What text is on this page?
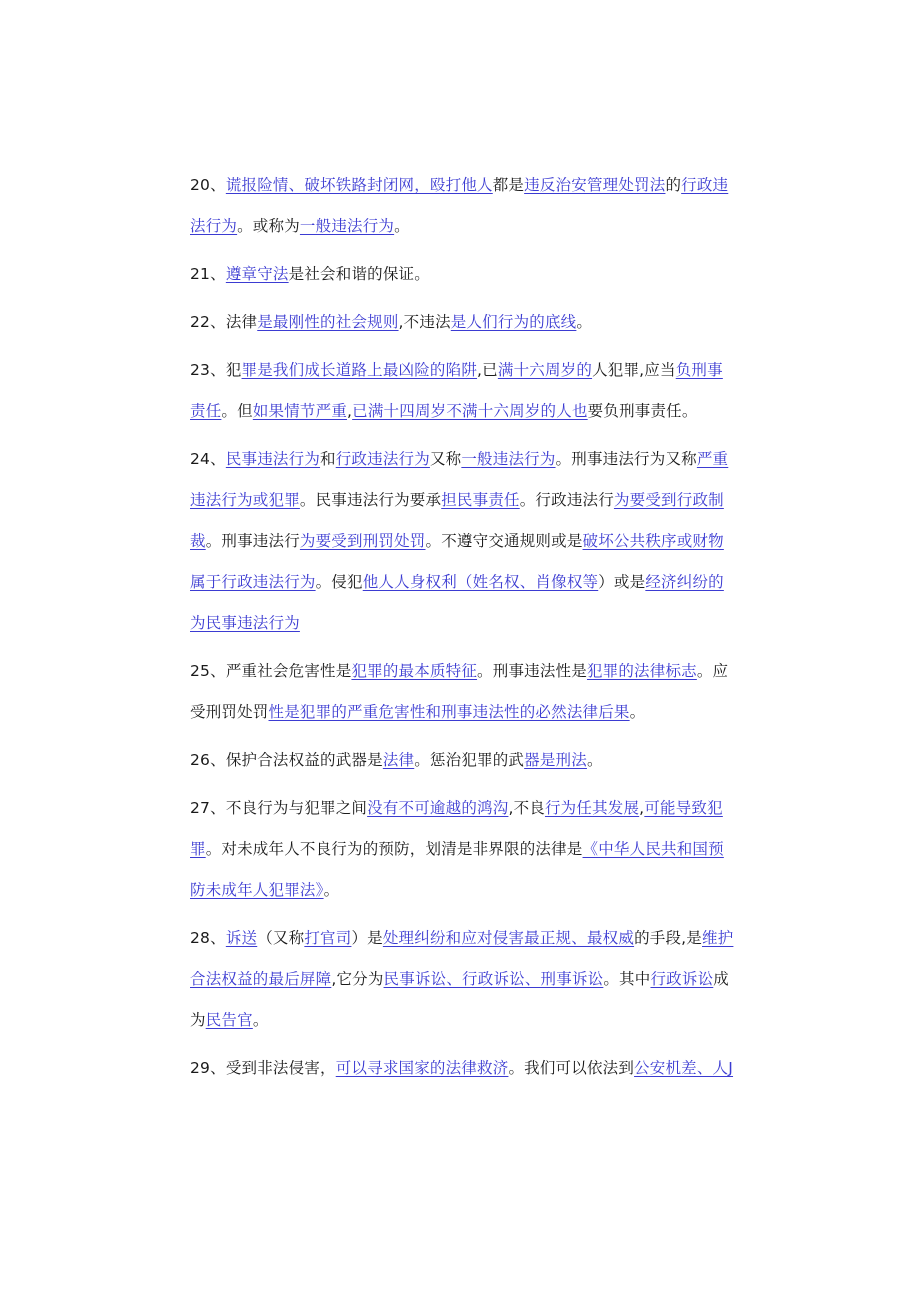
20、谎报险情、破坏铁路封闭网，殴打他人都是违反治安管理处罚法的行政违法行为。或称为一般违法行为。

21、遵章守法是社会和谐的保证。

22、法律是最刚性的社会规则,不违法是人们行为的底线。

23、犯罪是我们成长道路上最凶险的陷阱,已满十六周岁的人犯罪,应当负刑事责任。但如果情节严重,已满十四周岁不满十六周岁的人也要负刑事责任。

24、民事违法行为和行政违法行为又称一般违法行为。刑事违法行为又称严重违法行为或犯罪。民事违法行为要承担民事责任。行政违法行为要受到行政制裁。刑事违法行为要受到刑罚处罚。不遵守交通规则或是破坏公共秩序或财物属于行政违法行为。侵犯他人人身权利（姓名权、肖像权等）或是经济纠纷的为民事违法行为

25、严重社会危害性是犯罪的最本质特征。刑事违法性是犯罪的法律标志。应受刑罚处罚性是犯罪的严重危害性和刑事违法性的必然法律后果。

26、保护合法权益的武器是法律。惩治犯罪的武器是刑法。

27、不良行为与犯罪之间没有不可逾越的鸿沟,不良行为任其发展,可能导致犯罪。对未成年人不良行为的预防，划清是非界限的法律是《中华人民共和国预防未成年人犯罪法》。

28、诉送（又称打官司）是处理纠纷和应对侵害最正规、最权威的手段,是维护合法权益的最后屏障,它分为民事诉讼、行政诉讼、刑事诉讼。其中行政诉讼成为民告官。

29、受到非法侵害，可以寻求国家的法律救济。我们可以依法到公安机差、人J
